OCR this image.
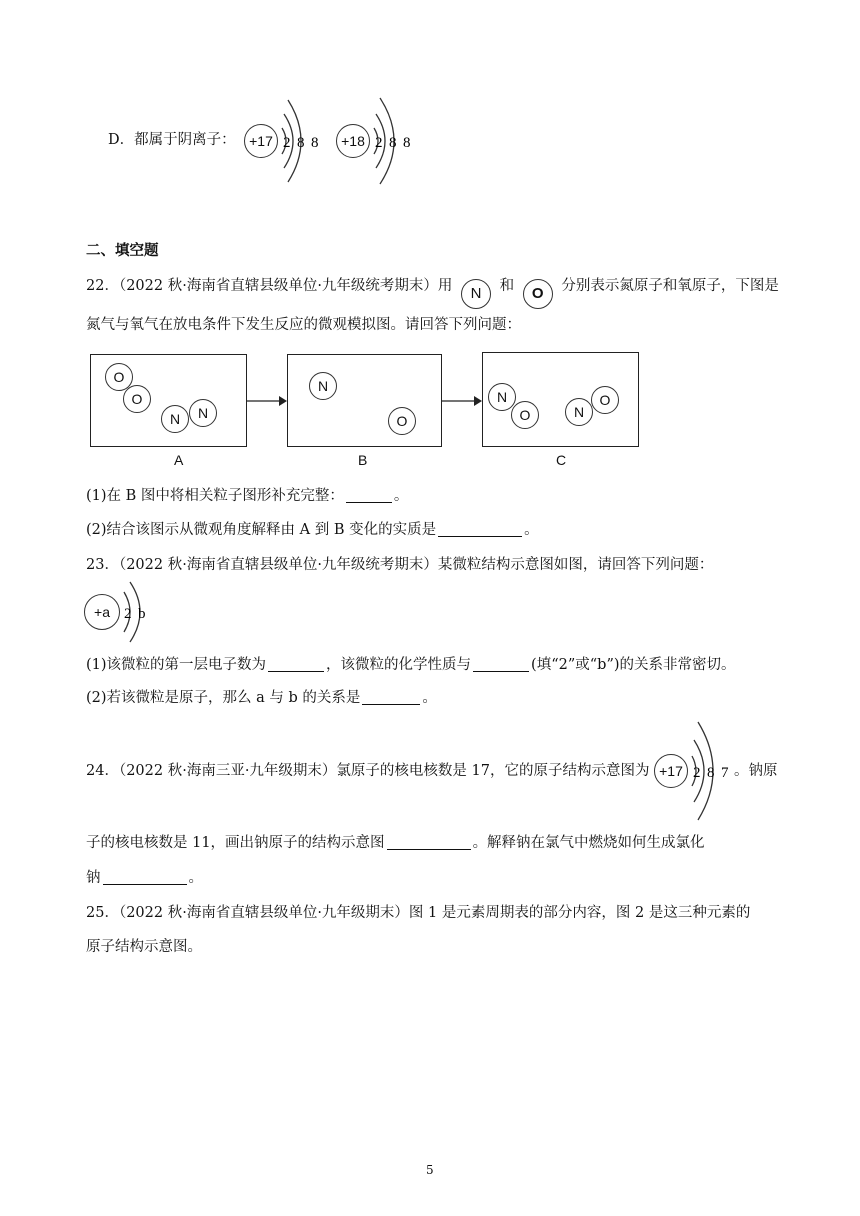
D．都属于阴离子： +17 2 8 8	+18 2 8 8
二、填空题
22．（2022 秋·海南省直辖县级单位·九年级统考期末）用 N 和 O 分别表示氮原子和氧原子，下图是
氮气与氧气在放电条件下发生反应的微观模拟图。请回答下列问题：
O
O
N	N
N
O
N
O	N
O
A	B	C
(1)在 B 图中将相关粒子图形补充完整：	。
(2)结合该图示从微观角度解释由 A 到 B 变化的实质是	。
23．（2022 秋·海南省直辖县级单位·九年级统考期末）某微粒结构示意图如图，请回答下列问题：
+a 2 b
(1)该微粒的第一层电子数为	，该微粒的化学性质与	(填“2”或“b”)的关系非常密切。
(2)若该微粒是原子，那么 a 与 b 的关系是	。
24．（2022 秋·海南三亚·九年级期末）氯原子的核电核数是 17，它的原子结构示意图为 +17 2 8 7 。钠原
子的核电核数是 11，画出钠原子的结构示意图	。解释钠在氯气中燃烧如何生成氯化
钠	。
25．（2022 秋·海南省直辖县级单位·九年级期末）图 1 是元素周期表的部分内容，图 2 是这三种元素的
原子结构示意图。
5
